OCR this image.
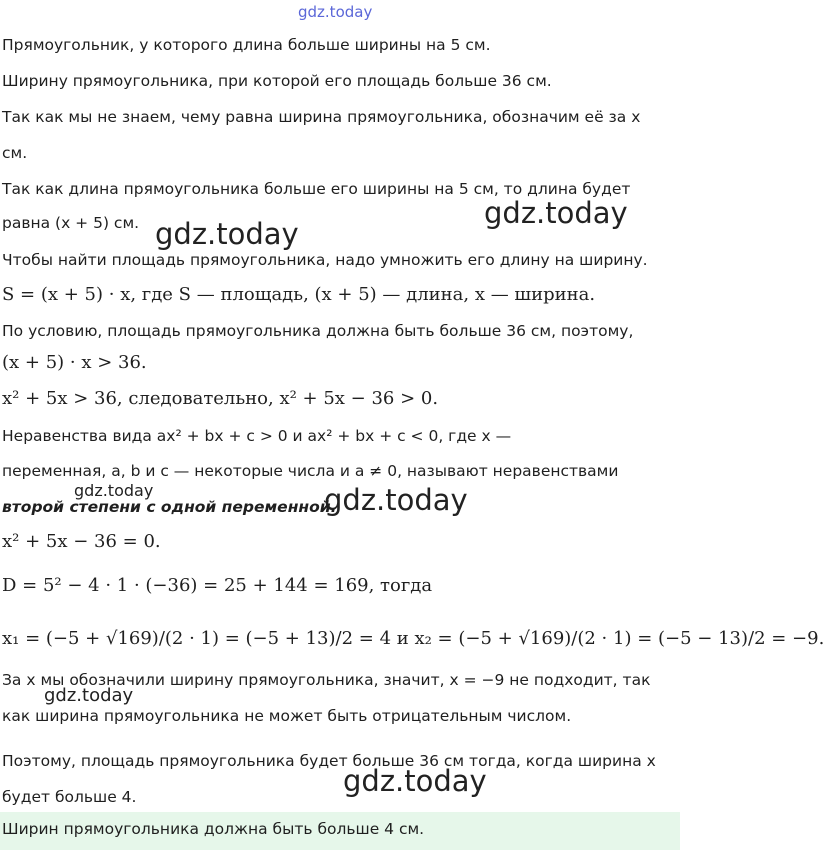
gdz.today
gdz.today
gdz.today
gdz.today
gdz.today
gdz.today
gdz.today
Прямоугольник, у которого длина больше ширины на 5 см.
Ширину прямоугольника, при которой его площадь больше 36 см.
Так как мы не знаем, чему равна ширина прямоугольника, обозначим её за x
см.
Так как длина прямоугольника больше его ширины на 5 см, то длина будет
равна (x + 5) см.
Чтобы найти площадь прямоугольника, надо умножить его длину на ширину.
S = (x + 5) · x, где S — площадь, (x + 5) — длина, x — ширина.
По условию, площадь прямоугольника должна быть больше 36 см, поэтому,
(x + 5) · x > 36.
x² + 5x > 36, следовательно, x² + 5x − 36 > 0.
Неравенства вида ax² + bx + c > 0 и ax² + bx + c < 0, где x —
переменная, a, b и c — некоторые числа и a ≠ 0, называют неравенствами
второй степени с одной переменной.
x² + 5x − 36 = 0.
D = 5² − 4 · 1 · (−36) = 25 + 144 = 169, тогда
x₁ = (−5 + √169)/(2 · 1) = (−5 + 13)/2 = 4 и x₂ = (−5 + √169)/(2 · 1) = (−5 − 13)/2 = −9.
За x мы обозначили ширину прямоугольника, значит, x = −9 не подходит, так
как ширина прямоугольника не может быть отрицательным числом.
Поэтому, площадь прямоугольника будет больше 36 см тогда, когда ширина x
будет больше 4.
Ширин прямоугольника должна быть больше 4 см.
